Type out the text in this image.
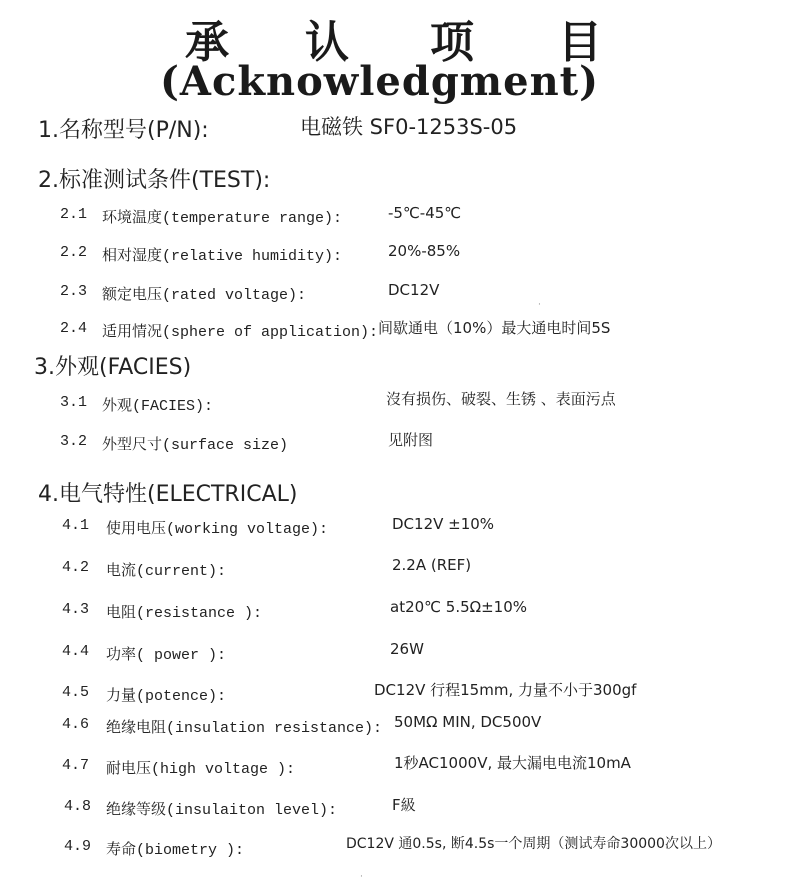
承 认 项 目
(Acknowledgment)
1.名称型号(P/N):	电磁铁 SF0-1253S-05
2.标准测试条件(TEST):
2.1 环境温度(temperature range):	-5℃-45℃
2.2 相对湿度(relative humidity):	20%-85%
2.3 额定电压(rated voltage):	DC12V
2.4 适用情况(sphere of application): 间歇通电（10%）最大通电时间5S
3.外观(FACIES)
3.1 外观(FACIES):	沒有损伤、破裂、生锈 、表面污点
3.2 外型尺寸(surface size)	见附图
4.电气特性(ELECTRICAL)
4.1 使用电压(working voltage):	DC12V ±10%
4.2 电流(current):	2.2A (REF)
4.3 电阻(resistance ):	at20℃ 5.5Ω±10%
4.4 功率( power ):	26W
4.5 力量(potence):	DC12V 行程15mm, 力量不小于300gf
4.6 绝缘电阻(insulation resistance): 50MΩ MIN, DC500V
4.7 耐电压(high voltage ):	1秒AC1000V, 最大漏电电流10mA
4.8 绝缘等级(insulaiton level):	F級
4.9 寿命(biometry ):	DC12V 通0.5s, 断4.5s一个周期（测试寿命30000次以上）
·
·
